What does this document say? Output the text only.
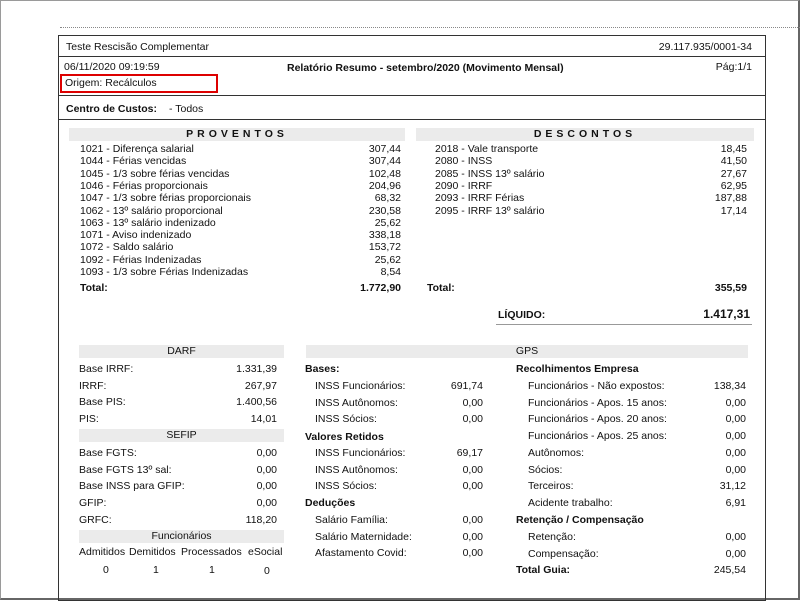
Teste Rescisão Complementar	29.117.935/0001-34
06/11/2020 09:19:59	Relatório Resumo - setembro/2020 (Movimento Mensal)	Pág:1/1
Origem: Recálculos
Centro de Custos: - Todos
PROVENTOS
1021 - Diferença salarial	307,44
1044 - Férias vencidas	307,44
1045 - 1/3 sobre férias vencidas	102,48
1046 - Férias proporcionais	204,96
1047 - 1/3 sobre férias proporcionais	68,32
1062 - 13º salário proporcional	230,58
1063 - 13º salário indenizado	25,62
1071 - Aviso indenizado	338,18
1072 - Saldo salário	153,72
1092 - Férias Indenizadas	25,62
1093 - 1/3 sobre Férias Indenizadas	8,54
Total:	1.772,90
DESCONTOS
2018 - Vale transporte	18,45
2080 - INSS	41,50
2085 - INSS 13º salário	27,67
2090 - IRRF	62,95
2093 - IRRF Férias	187,88
2095 - IRRF 13º salário	17,14
Total:	355,59
LÍQUIDO:	1.417,31
DARF
Base IRRF:	1.331,39
IRRF:	267,97
Base PIS:	1.400,56
PIS:	14,01
SEFIP
Base FGTS:	0,00
Base FGTS 13º sal:	0,00
Base INSS para GFIP:	0,00
GFIP:	0,00
GRFC:	118,20
Funcionários
Admitidos Demitidos Processados eSocial
0	1	1	0
GPS
Bases:
INSS Funcionários:	691,74
INSS Autônomos:	0,00
INSS Sócios:	0,00
Valores Retidos
INSS Funcionários:	69,17
INSS Autônomos:	0,00
INSS Sócios:	0,00
Deduções
Salário Família:	0,00
Salário Maternidade:	0,00
Afastamento Covid:	0,00
Recolhimentos Empresa
Funcionários - Não expostos:	138,34
Funcionários - Apos. 15 anos:	0,00
Funcionários - Apos. 20 anos:	0,00
Funcionários - Apos. 25 anos:	0,00
Autônomos:	0,00
Sócios:	0,00
Terceiros:	31,12
Acidente trabalho:	6,91
Retenção / Compensação
Retenção:	0,00
Compensação:	0,00
Total Guia:	245,54
